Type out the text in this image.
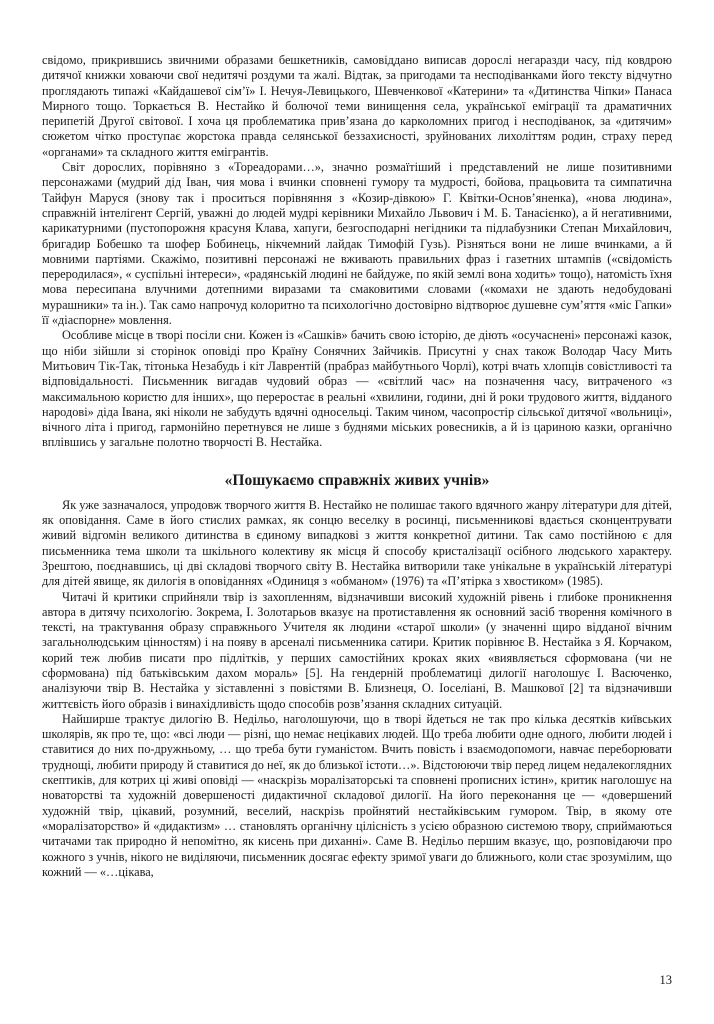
свідомо, прикрившись звичними образами бешкетників, самовіддано виписав дорослі негаразди часу, під ковдрою дитячої книжки ховаючи свої недитячі роздуми та жалі. Відтак, за пригодами та несподіванками його тексту відчутно проглядають типажі «Кайдашевої сім’ї» І. Нечуя-Левицького, Шевченкової «Катерини» та «Дитинства Чіпки» Панаса Мирного тощо. Торкається В. Нестайко й болючої теми винищення села, української еміграції та драматичних перипетій Другої світової. І хоча ця проблематика прив’язана до карколомних пригод і несподіванок, за «дитячим» сюжетом чітко проступає жорстока правда селянської беззахисності, зруйнованих лихоліттям родин, страху перед «органами» та складного життя емігрантів.

Світ дорослих, порівняно з «Тореадорами…», значно розмаїтіший і представлений не лише позитивними персонажами (мудрий дід Іван, чия мова і вчинки сповнені гумору та мудрості, бойова, працьовита та симпатична Тайфун Маруся (знову так і проситься порівняння з «Козир-дівкою» Г. Квітки-Основ’яненка), «нова людина», справжній інтелігент Сергій, уважні до людей мудрі керівники Михайло Львович і М. Б. Танасієнко), а й негативними, карикатурними (пустопорожня красуня Клава, хапуги, безгосподарні негідники та підлабузники Степан Михайлович, бригадир Бобешко та шофер Бобинець, нікчемний лайдак Тимофій Гузь). Різняться вони не лише вчинками, а й мовними партіями. Скажімо, позитивні персонажі не вживають правильних фраз і газетних штампів («свідомість переродилася», « суспільні інтереси», «радянській людині не байдуже, по якій землі вона ходить» тощо), натомість їхня мова пересипана влучними дотепними виразами та смаковитими словами («комахи не здають недобудовані мурашники» та ін.). Так само напрочуд колоритно та психологічно достовірно відтворює душевне сум’яття «міс Гапки» її «діаспорне» мовлення.

Особливе місце в творі посіли сни. Кожен із «Сашків» бачить свою історію, де діють «осучаснені» персонажі казок, що ніби зійшли зі сторінок оповіді про Країну Сонячних Зайчиків. Присутні у снах також Володар Часу Мить Митьович Тік-Так, тітонька Незабудь і кіт Лаврентій (прабраз майбутнього Чорлі), котрі вчать хлопців совістливості та відповідальності. Письменник вигадав чудовий образ — «світлий час» на позначення часу, витраченого «з максимальною користю для інших», що переростає в реальні «хвилини, години, дні й роки трудового життя, відданого народові» діда Івана, які ніколи не забудуть вдячні односельці. Таким чином, часопростір сільської дитячої «вольниці», вічного літа і пригод, гармонійно перетнувся не лише з буднями міських ровесників, а й із цариною казки, органічно вплівшись у загальне полотно творчості В. Нестайка.

«Пошукаємо справжніх живих учнів»

Як уже зазначалося, упродовж творчого життя В. Нестайко не полишає такого вдячного жанру літератури для дітей, як оповідання. Саме в його стислих рамках, як сонцю веселку в росинці, письменникові вдається сконцентрувати живий відгомін великого дитинства в єдиному випадкові з життя конкретної дитини. Так само постійною є для письменника тема школи та шкільного колективу як місця й способу кристалізації осібного людського характеру. Зрештою, поєднавшись, ці дві складові творчого світу В. Нестайка витворили таке унікальне в українській літературі для дітей явище, як дилогія в оповіданнях «Одиниця з «обманом» (1976) та «П’ятірка з хвостиком» (1985).

Читачі й критики сприйняли твір із захопленням, відзначивши високий художній рівень і глибоке проникнення автора в дитячу психологію. Зокрема, І. Золотарьов вказує на протиставлення як основний засіб творення комічного в тексті, на трактування образу справжнього Учителя як людини «старої школи» (у значенні щиро відданої вічним загальнолюдським цінностям) і на появу в арсеналі письменника сатири. Критик порівнює В. Нестайка з Я. Корчаком, корий теж любив писати про підлітків, у перших самостійних кроках яких «виявляється сформована (чи не сформована) під батьківським дахом мораль» [5]. На гендерній проблематиці дилогії наголошує І. Васюченко, аналізуючи твір В. Нестайка у зіставленні з повістями В. Близнеця, О. Іоселіані, В. Машкової [2] та відзначивши життєвість його образів і винахідливість щодо способів розв’язання складних ситуацій.

Найширше трактує дилогію В. Недільо, наголошуючи, що в творі йдеться не так про кілька десятків київських школярів, як про те, що: «всі люди — різні, що немає нецікавих людей. Що треба любити одне одного, любити людей і ставитися до них по-дружньому, … що треба бути гуманістом. Вчить повість і взаємодопомоги, навчає переборювати труднощі, любити природу й ставитися до неї, як до близької істоти…». Відстоюючи твір перед лицем недалекоглядних скептиків, для котрих ці живі оповіді — «наскрізь моралізаторські та сповнені прописних істин», критик наголошує на новаторстві та художній довершеності дидактичної складової дилогії. На його переконання це — «довершений художній твір, цікавий, розумний, веселий, наскрізь пройнятий нестайківським гумором. Твір, в якому оте «моралізаторство» й «дидактизм» … становлять органічну цілісність з усією образною системою твору, сприймаються читачами так природно й непомітно, як кисень при диханні». Саме В. Недільо першим вказує, що, розповідаючи про кожного з учнів, нікого не виділяючи, письменник досягає ефекту зримої уваги до ближнього, коли стає зрозумілим, що кожний — «…цікава,

13
